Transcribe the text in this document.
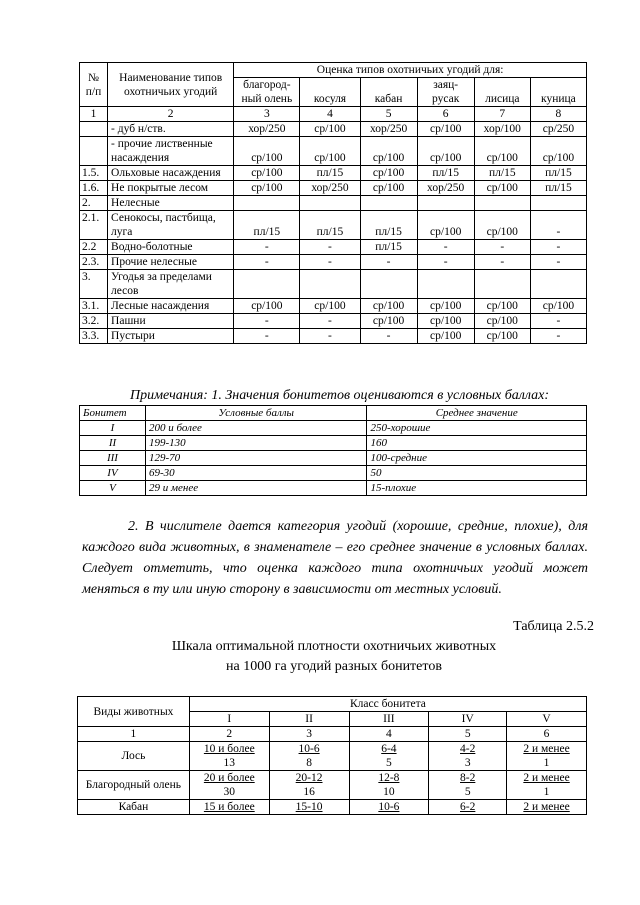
№ п/п	Наименование типов охотничьих угодий	Оценка типов охотничьих угодий для:					
		благород-ный олень	косуля	кабан	заяц-русак	лисица	куница
1	2	3	4	5	6	7	8
	- дуб н/ств.	хор/250	ср/100	хор/250	ср/100	хор/100	ср/250
	- прочие лиственные насаждения	ср/100	ср/100	ср/100	ср/100	ср/100	ср/100
1.5.	Ольховые насаждения	ср/100	пл/15	ср/100	пл/15	пл/15	пл/15
1.6.	Не покрытые лесом	ср/100	хор/250	ср/100	хор/250	ср/100	пл/15
2.	Нелесные						
2.1.	Сенокосы, пастбища, луга	пл/15	пл/15	пл/15	ср/100	ср/100	-
2.2	Водно-болотные	-	-	пл/15	-	-	-
2.3.	Прочие нелесные	-	-	-	-	-	-
3.	Угодья за пределами лесов						
3.1.	Лесные насаждения	ср/100	ср/100	ср/100	ср/100	ср/100	ср/100
3.2.	Пашни	-	-	ср/100	ср/100	ср/100	-
3.3.	Пустыри	-	-	-	ср/100	ср/100	-
Примечания: 1. Значения бонитетов оцениваются в условных баллах:
Бонитет	Условные баллы	Среднее значение
I	200 и более	250-хорошие
II	199-130	160
III	129-70	100-средние
IV	69-30	50
V	29 и менее	15-плохие
2. В числителе дается категория угодий (хорошие, средние, плохие), для каждого вида животных, в знаменателе – его среднее значение в условных баллах. Следует отметить, что оценка каждого типа охотничьих угодий может меняться в ту или иную сторону в зависимости от местных условий.
Таблица 2.5.2
Шкала оптимальной плотности охотничьих животных
на 1000 га угодий разных бонитетов
Виды животных	Класс бонитета				
	I	II	III	IV	V
1	2	3	4	5	6
Лось	10 и более	10-6	6-4	4-2	2 и менее
	13	8	5	3	1
Благородный олень	20 и более	20-12	12-8	8-2	2 и менее
	30	16	10	5	1
Кабан	15 и более	15-10	10-6	6-2	2 и менее
